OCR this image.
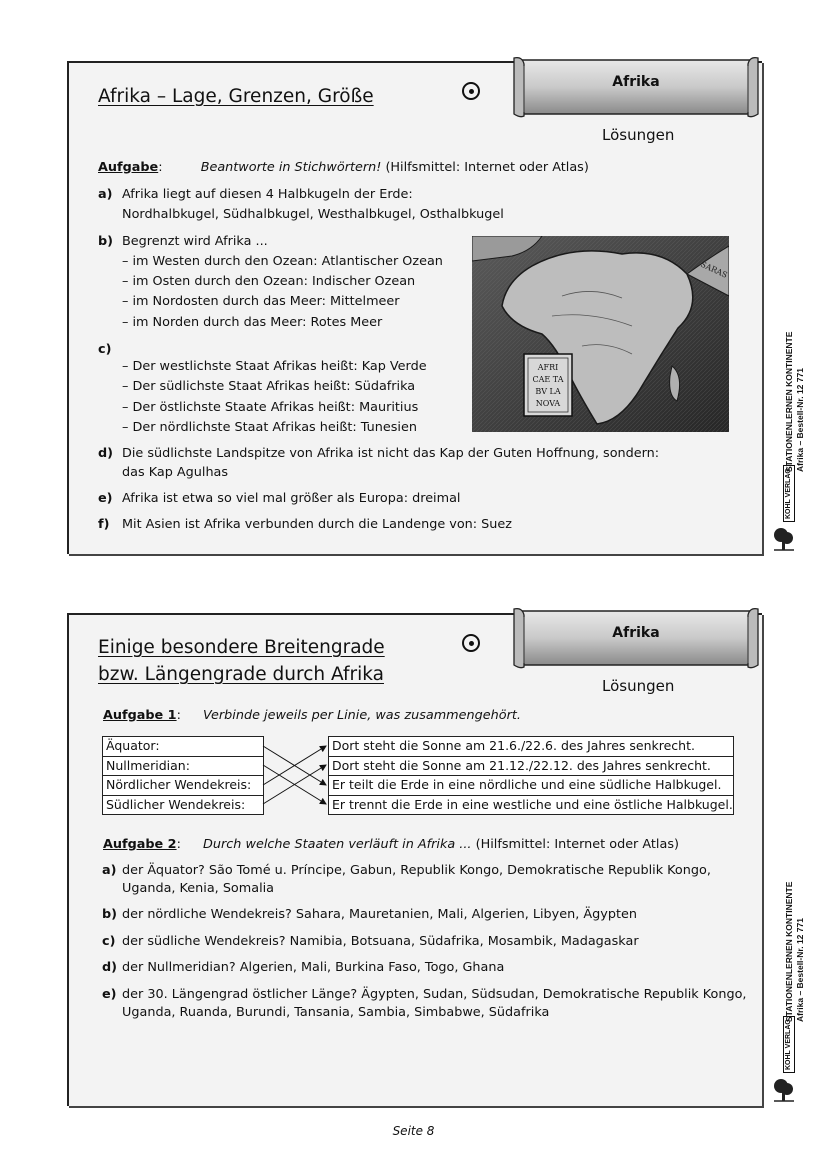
Afrika – Lage, Grenzen, Größe
Afrika
Lösungen
Aufgabe:	Beantworte in Stichwörtern! (Hilfsmittel: Internet oder Atlas)
a) Afrika liegt auf diesen 4 Halbkugeln der Erde:
Nordhalbkugel, Südhalbkugel, Westhalbkugel, Osthalbkugel
b) Begrenzt wird Afrika ...
– im Westen durch den Ozean: Atlantischer Ozean
– im Osten durch den Ozean: Indischer Ozean
– im Nordosten durch das Meer: Mittelmeer
– im Norden durch das Meer: Rotes Meer
c)
– Der westlichste Staat Afrikas heißt: Kap Verde
– Der südlichste Staat Afrikas heißt: Südafrika
– Der östlichste Staate Afrikas heißt: Mauritius
– Der nördlichste Staat Afrikas heißt: Tunesien
d) Die südlichste Landspitze von Afrika ist nicht das Kap der Guten Hoffnung, sondern:
das Kap Agulhas
e) Afrika ist etwa so viel mal größer als Europa: dreimal
f) Mit Asien ist Afrika verbunden durch die Landenge von: Suez
AFRI
CAE TA
BV LA
NOVA
SARAS
Einige besondere Breitengrade
bzw. Längengrade durch Afrika
Afrika
Lösungen
Aufgabe 1: Verbinde jeweils per Linie, was zusammengehört.
Äquator:
Nullmeridian:
Nördlicher Wendekreis:
Südlicher Wendekreis:
Dort steht die Sonne am 21.6./22.6. des Jahres senkrecht.
Dort steht die Sonne am 21.12./22.12. des Jahres senkrecht.
Er teilt die Erde in eine nördliche und eine südliche Halbkugel.
Er trennt die Erde in eine westliche und eine östliche Halbkugel.
Aufgabe 2: Durch welche Staaten verläuft in Afrika ... (Hilfsmittel: Internet oder Atlas)
a) der Äquator? São Tomé u. Príncipe, Gabun, Republik Kongo, Demokratische Republik Kongo,
Uganda, Kenia, Somalia
b) der nördliche Wendekreis? Sahara, Mauretanien, Mali, Algerien, Libyen, Ägypten
c) der südliche Wendekreis? Namibia, Botsuana, Südafrika, Mosambik, Madagaskar
d) der Nullmeridian? Algerien, Mali, Burkina Faso, Togo, Ghana
e) der 30. Längengrad östlicher Länge? Ägypten, Sudan, Südsudan, Demokratische Republik Kongo,
Uganda, Ruanda, Burundi, Tansania, Sambia, Simbabwe, Südafrika
STATIONENLERNEN KONTINENTE Afrika – Bestell-Nr. 12 771
KOHL VERLAG
STATIONENLERNEN KONTINENTE Afrika – Bestell-Nr. 12 771
KOHL VERLAG
Seite 8
